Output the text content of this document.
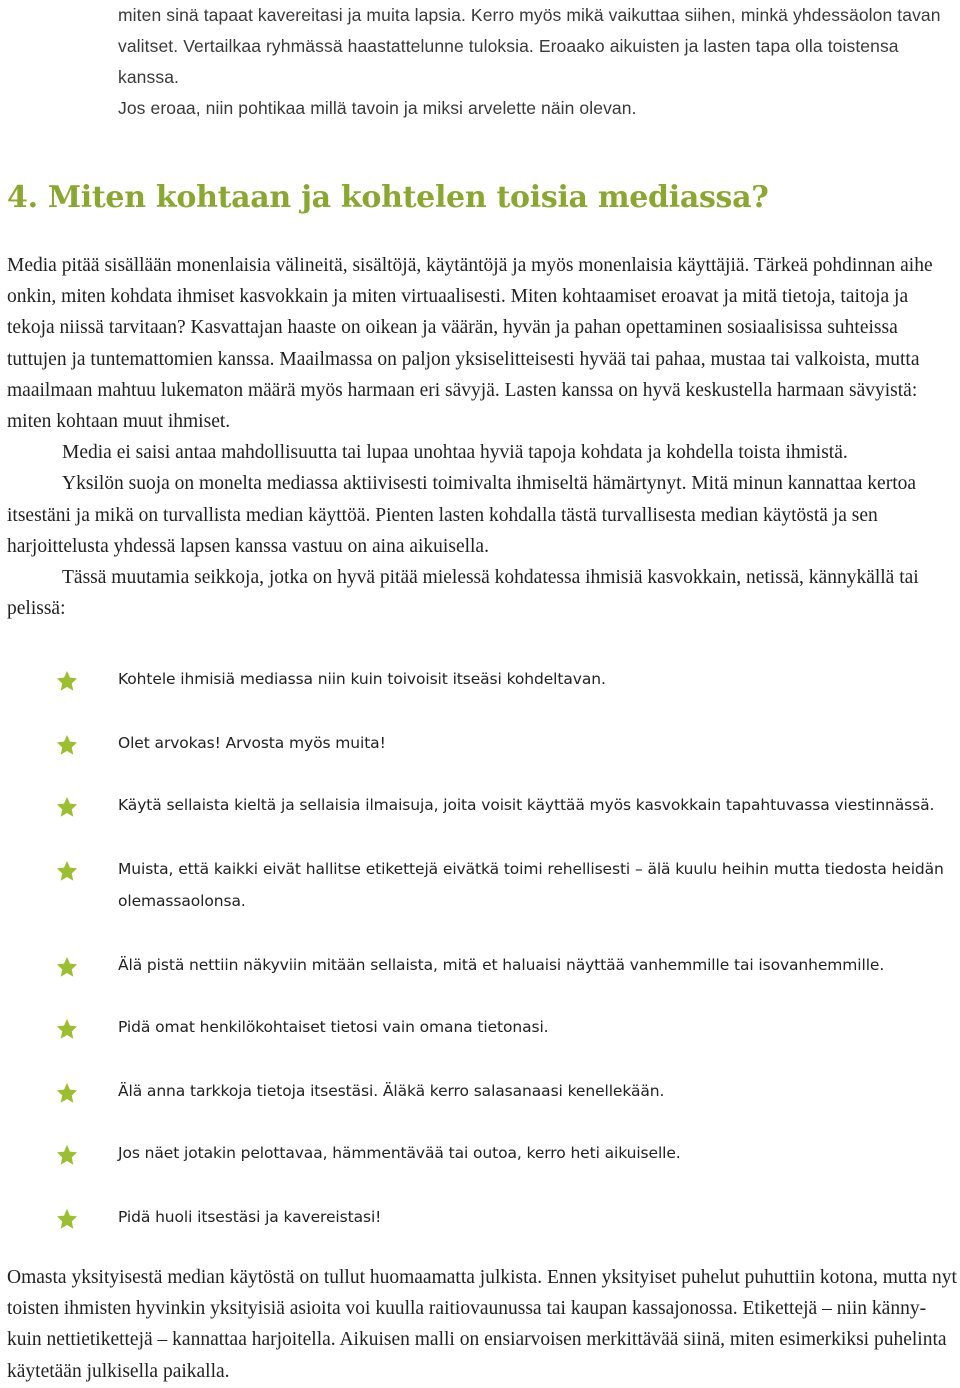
miten sinä tapaat kavereitasi ja muita lapsia. Kerro myös mikä vaikuttaa siihen, minkä yhdessäolon tavan

valitset. Vertailkaa ryhmässä haastattelunne tuloksia. Eroaako aikuisten ja lasten tapa olla toistensa kanssa.

Jos eroaa, niin pohtikaa millä tavoin ja miksi arvelette näin olevan.

4. Miten kohtaan ja kohtelen toisia mediassa?

Media pitää sisällään monenlaisia välineitä, sisältöjä, käytäntöjä ja myös monenlaisia käyttäjiä. Tärkeä pohdinnan aihe onkin, miten kohdata ihmiset kasvokkain ja miten virtuaalisesti. Miten kohtaamiset eroavat ja mitä tietoja, taitoja ja tekoja niissä tarvitaan? Kasvattajan haaste on oikean ja väärän, hyvän ja pahan opettaminen sosiaalisissa suhteissa tuttujen ja tuntemattomien kanssa. Maailmassa on paljon yksiselitteisesti hyvää tai pahaa, mustaa tai valkoista, mutta maailmaan mahtuu lukematon määrä myös harmaan eri sävyjä. Lasten kanssa on hyvä keskustella harmaan sävyistä: miten kohtaan muut ihmiset.

Media ei saisi antaa mahdollisuutta tai lupaa unohtaa hyviä tapoja kohdata ja kohdella toista ihmistä.

Yksilön suoja on monelta mediassa aktiivisesti toimivalta ihmiseltä hämärtynyt. Mitä minun kannattaa kertoa itsestäni ja mikä on turvallista median käyttöä. Pienten lasten kohdalla tästä turvallisesta median käytöstä ja sen harjoittelusta yhdessä lapsen kanssa vastuu on aina aikuisella.

Tässä muutamia seikkoja, jotka on hyvä pitää mielessä kohdatessa ihmisiä kasvokkain, netissä, kännykällä tai pelissä:

Kohtele ihmisiä mediassa niin kuin toivoisit itseäsi kohdeltavan.
Olet arvokas! Arvosta myös muita!
Käytä sellaista kieltä ja sellaisia ilmaisuja, joita voisit käyttää myös kasvokkain tapahtuvassa viestinnässä.
Muista, että kaikki eivät hallitse etikettejä eivätkä toimi rehellisesti – älä kuulu heihin mutta tiedosta heidän olemassaolonsa.
Älä pistä nettiin näkyviin mitään sellaista, mitä et haluaisi näyttää vanhemmille tai isovanhemmille.
Pidä omat henkilökohtaiset tietosi vain omana tietonasi.
Älä anna tarkkoja tietoja itsestäsi. Äläkä kerro salasanaasi kenellekään.
Jos näet jotakin pelottavaa, hämmentävää tai outoa, kerro heti aikuiselle.
Pidä huoli itsestäsi ja kavereistasi!

Omasta yksityisestä median käytöstä on tullut huomaamatta julkista. Ennen yksityiset puhelut puhuttiin kotona, mutta nyt toisten ihmisten hyvinkin yksityisiä asioita voi kuulla raitiovaunussa tai kaupan kassajonossa. Etikettejä – niin känny- kuin nettietikettejä – kannattaa harjoitella. Aikuisen malli on ensiarvoisen merkittävää siinä, miten esimerkiksi puhelinta käytetään julkisella paikalla.
